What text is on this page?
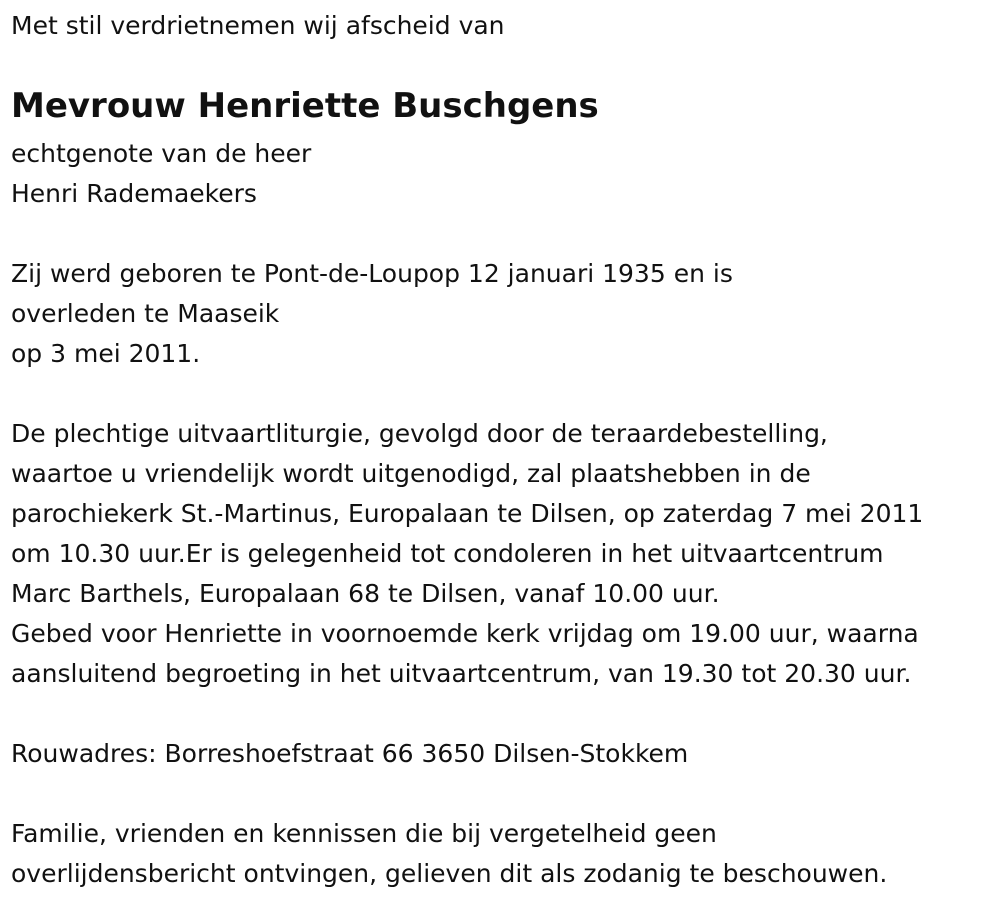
Met stil verdrietnemen wij afscheid van
Mevrouw Henriette Buschgens
echtgenote van de heer
Henri Rademaekers
Zij werd geboren te Pont-de-Loupop 12 januari 1935 en is
overleden te Maaseik
op 3 mei 2011.
De plechtige uitvaartliturgie, gevolgd door de teraardebestelling,
waartoe u vriendelijk wordt uitgenodigd, zal plaatshebben in de
parochiekerk St.-Martinus, Europalaan te Dilsen, op zaterdag 7 mei 2011
om 10.30 uur.Er is gelegenheid tot condoleren in het uitvaartcentrum
Marc Barthels, Europalaan 68 te Dilsen, vanaf 10.00 uur.
Gebed voor Henriette in voornoemde kerk vrijdag om 19.00 uur, waarna
aansluitend begroeting in het uitvaartcentrum, van 19.30 tot 20.30 uur.
Rouwadres: Borreshoefstraat 66 3650 Dilsen-Stokkem
Familie, vrienden en kennissen die bij vergetelheid geen
overlijdensbericht ontvingen, gelieven dit als zodanig te beschouwen.
